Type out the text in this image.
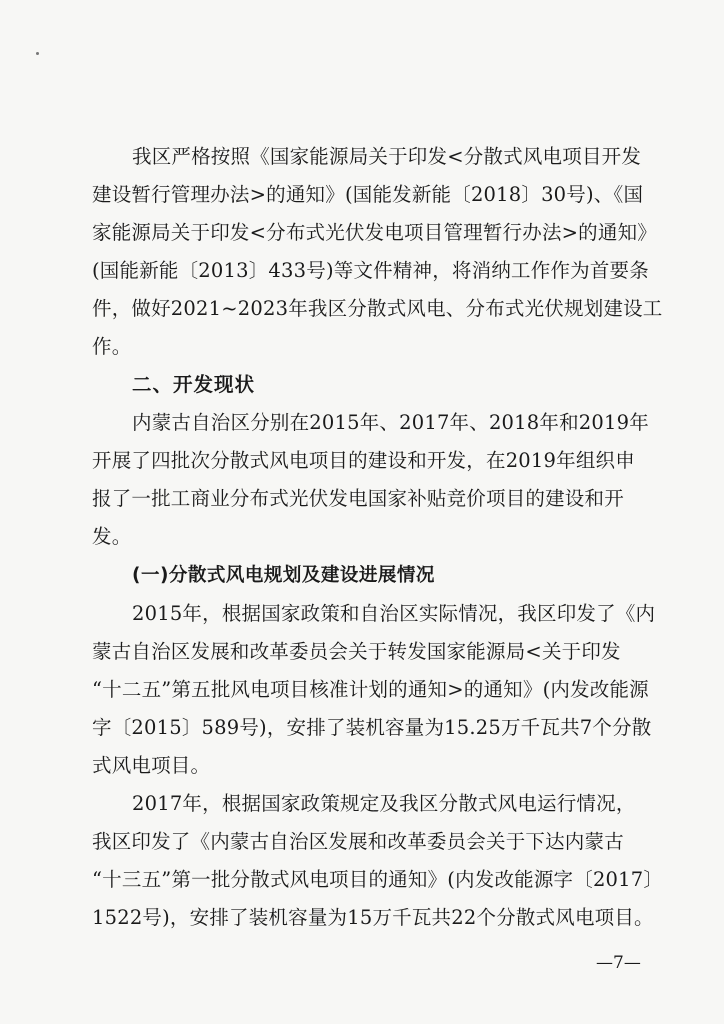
我区严格按照《国家能源局关于印发<分散式风电项目开发
建设暂行管理办法>的通知》(国能发新能〔2018〕30号)、《国
家能源局关于印发<分布式光伏发电项目管理暂行办法>的通知》
(国能新能〔2013〕433号)等文件精神，将消纳工作作为首要条
件，做好2021~2023年我区分散式风电、分布式光伏规划建设工
作。
二、开发现状
内蒙古自治区分别在2015年、2017年、2018年和2019年
开展了四批次分散式风电项目的建设和开发，在2019年组织申
报了一批工商业分布式光伏发电国家补贴竞价项目的建设和开
发。
(一)分散式风电规划及建设进展情况
2015年，根据国家政策和自治区实际情况，我区印发了《内
蒙古自治区发展和改革委员会关于转发国家能源局<关于印发
“十二五”第五批风电项目核准计划的通知>的通知》(内发改能源
字〔2015〕589号)，安排了装机容量为15.25万千瓦共7个分散
式风电项目。
2017年，根据国家政策规定及我区分散式风电运行情况，
我区印发了《内蒙古自治区发展和改革委员会关于下达内蒙古
“十三五”第一批分散式风电项目的通知》(内发改能源字〔2017〕
1522号)，安排了装机容量为15万千瓦共22个分散式风电项目。
—7—
